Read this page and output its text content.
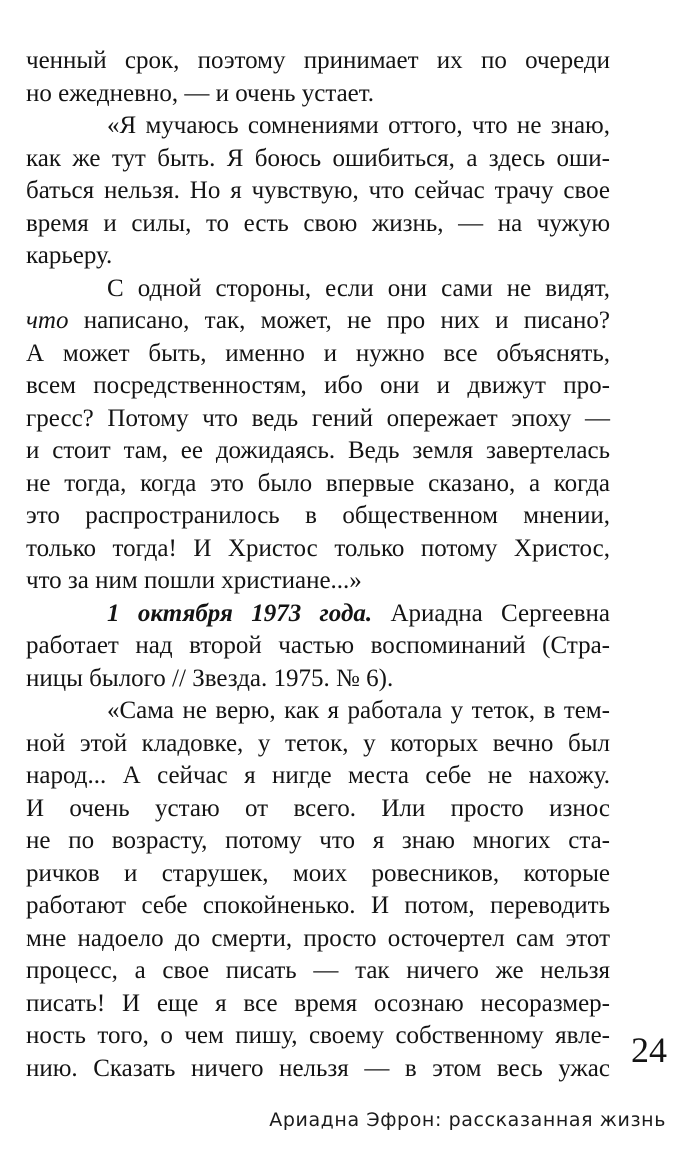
ченный срок, поэтому принимает их по очереди
но ежедневно, — и очень устает.
«Я мучаюсь сомнениями оттого, что не знаю,
как же тут быть. Я боюсь ошибиться, а здесь оши-
баться нельзя. Но я чувствую, что сейчас трачу свое
время и силы, то есть свою жизнь, — на чужую
карьеру.
С одной стороны, если они сами не видят,
что написано, так, может, не про них и писано?
А может быть, именно и нужно все объяснять,
всем посредственностям, ибо они и движут про-
гресс? Потому что ведь гений опережает эпоху —
и стоит там, ее дожидаясь. Ведь земля завертелась
не тогда, когда это было впервые сказано, а когда
это распространилось в общественном мнении,
только тогда! И Христос только потому Христос,
что за ним пошли христиане...»
1 октября 1973 года. Ариадна Сергеевна
работает над второй частью воспоминаний (Стра-
ницы былого // Звезда. 1975. № 6).
«Сама не верю, как я работала у теток, в тем-
ной этой кладовке, у теток, у которых вечно был
народ... А сейчас я нигде места себе не нахожу.
И очень устаю от всего. Или просто износ
не по возрасту, потому что я знаю многих ста-
ричков и старушек, моих ровесников, которые
работают себе спокойненько. И потом, переводить
мне надоело до смерти, просто осточертел сам этот
процесс, а свое писать — так ничего же нельзя
писать! И еще я все время осознаю несоразмер-
ность того, о чем пишу, своему собственному явле-
нию. Сказать ничего нельзя — в этом весь ужас 24
Ариадна Эфрон: рассказанная жизнь
